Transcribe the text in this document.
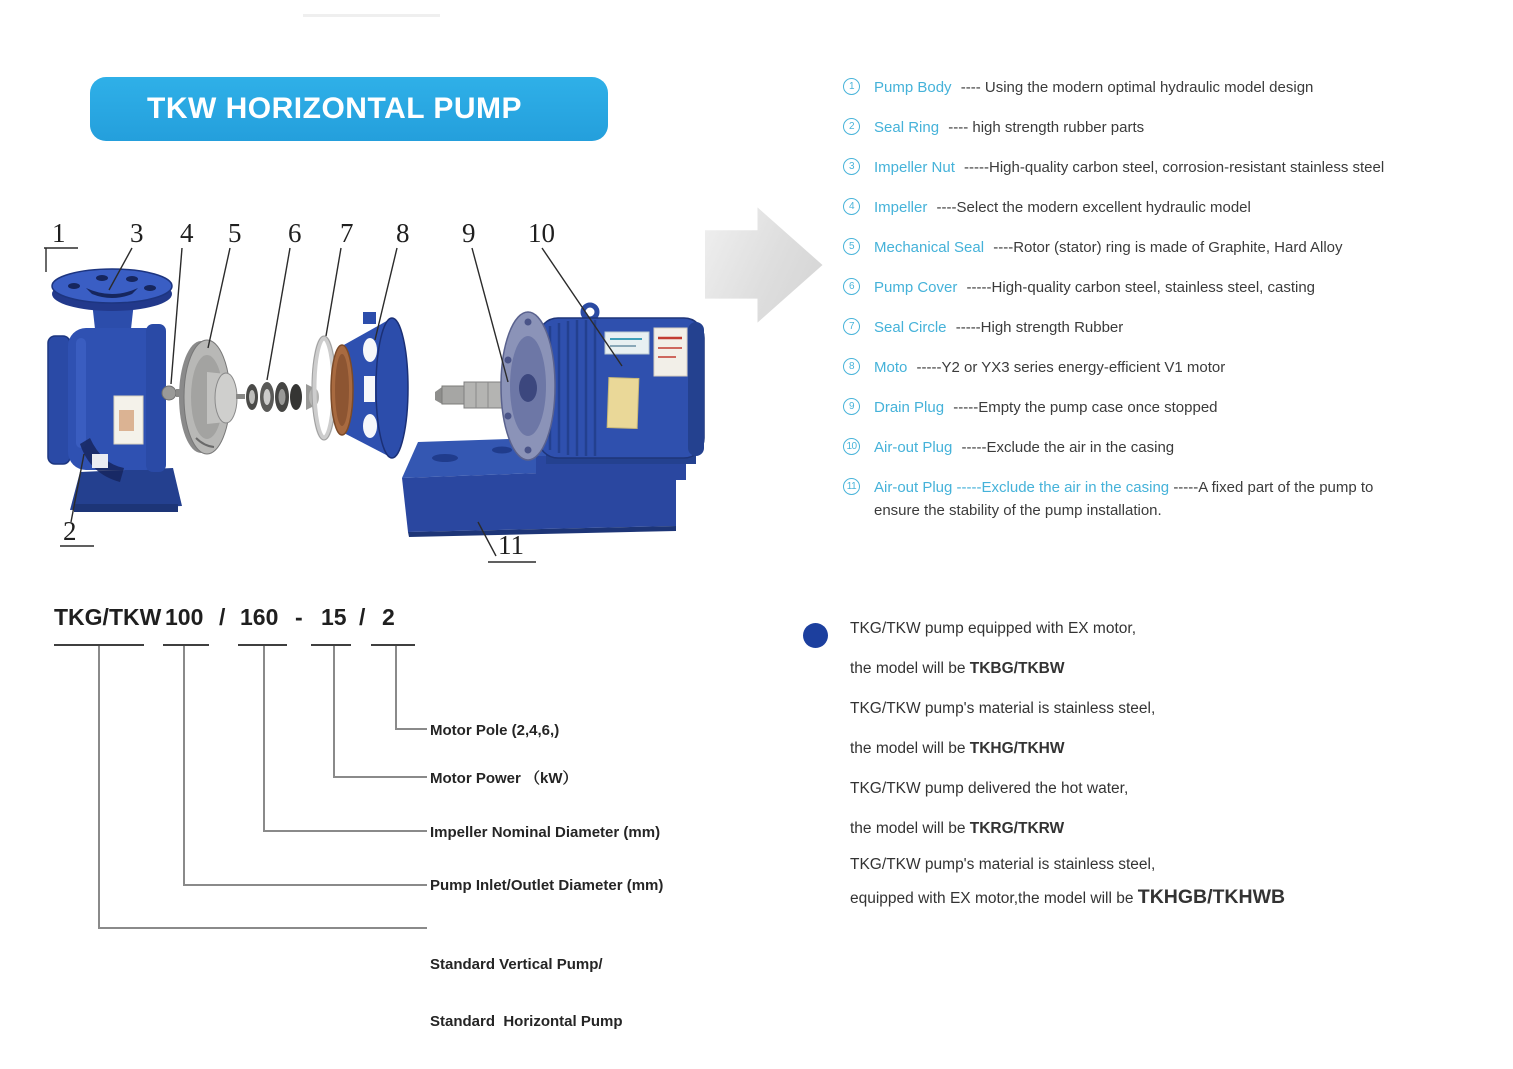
TKW HORIZONTAL PUMP
1
2
3 4 5 6 7 8 9 10
11
1	Pump Body ---- Using the modern optimal hydraulic model design
2	Seal Ring ---- high strength rubber parts
3	Impeller Nut -----High-quality carbon steel, corrosion-resistant stainless steel
4	Impeller ----Select the modern excellent hydraulic model
5	Mechanical Seal ----Rotor (stator) ring is made of Graphite, Hard Alloy
6	Pump Cover -----High-quality carbon steel, stainless steel, casting
7	Seal Circle -----High strength Rubber
8	Moto -----Y2 or YX3 series energy-efficient V1 motor
9	Drain Plug -----Empty the pump case once stopped
10 Air-out Plug -----Exclude the air in the casing
11 Air-out Plug -----Exclude the air in the casing -----A fixed part of the pump to
ensure the stability of the pump installation.
TKG/TKW 100 / 160 - 15 / 2
Motor Pole (2,4,6,)
Motor Power （kW）
Impeller Nominal Diameter (mm)
Pump Inlet/Outlet Diameter (mm)

Standard Vertical Pump/

Standard  Horizontal Pump

TKG/TKW pump equipped with EX motor,
the model will be TKBG/TKBW
TKG/TKW pump's material is stainless steel,
the model will be TKHG/TKHW
TKG/TKW pump delivered the hot water,
the model will be TKRG/TKRW
TKG/TKW pump's material is stainless steel,
equipped with EX motor,the model will be TKHGB/TKHWB
